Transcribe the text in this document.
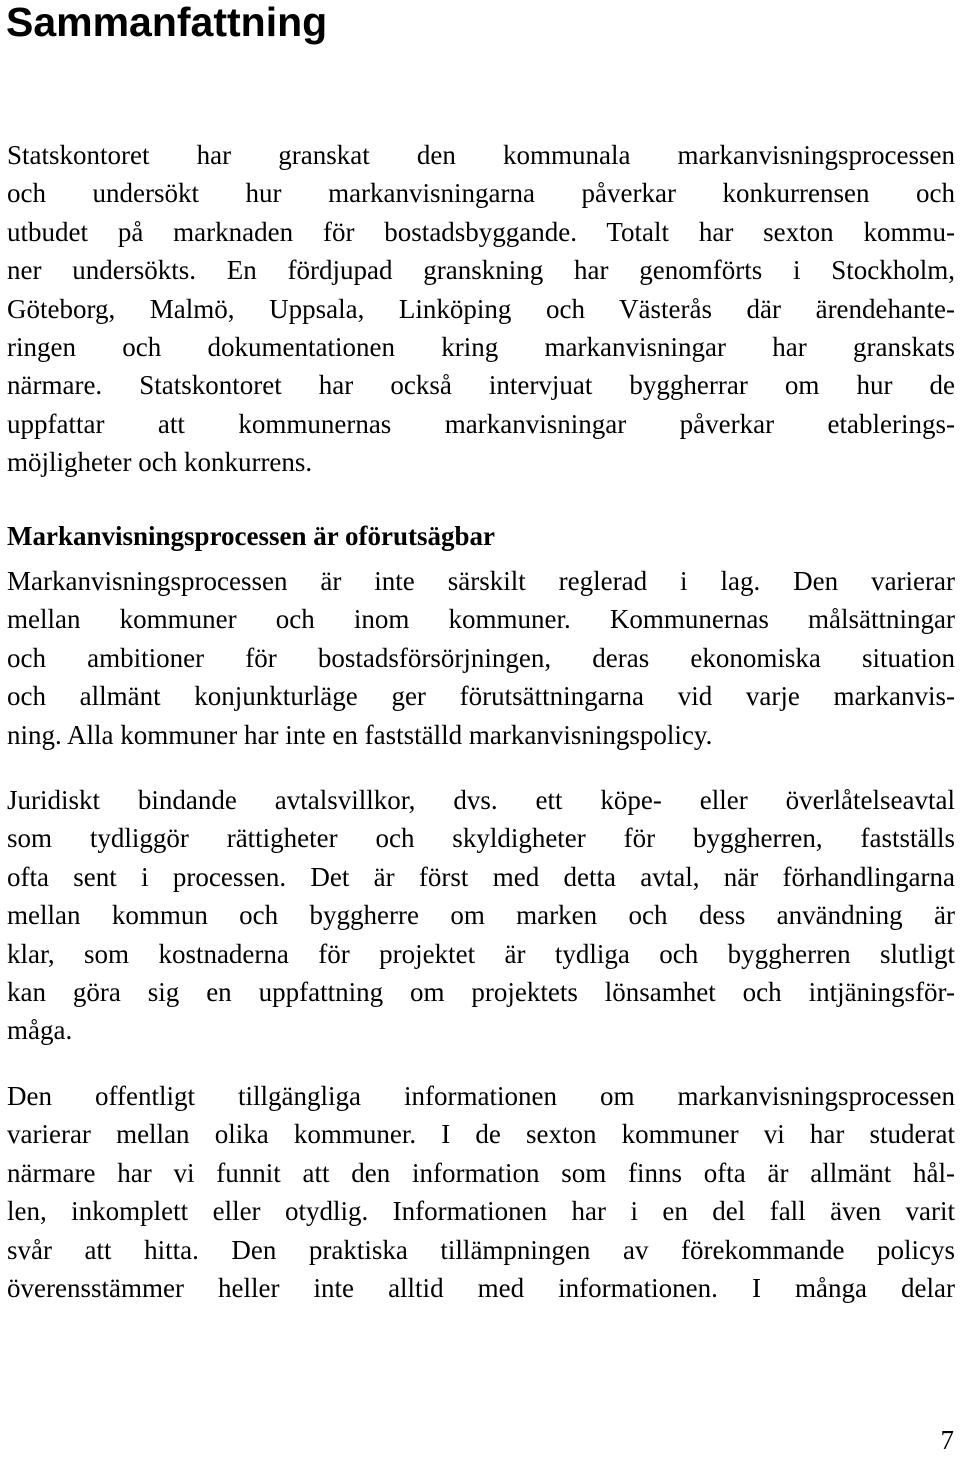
Sammanfattning
Statskontoret har granskat den kommunala markanvisningsprocessen
och undersökt hur markanvisningarna påverkar konkurrensen och
utbudet på marknaden för bostadsbyggande. Totalt har sexton kommu-
ner undersökts. En fördjupad granskning har genomförts i Stockholm,
Göteborg, Malmö, Uppsala, Linköping och Västerås där ärendehante-
ringen och dokumentationen kring markanvisningar har granskats
närmare. Statskontoret har också intervjuat byggherrar om hur de
uppfattar att kommunernas markanvisningar påverkar etablerings-
möjligheter och konkurrens.
Markanvisningsprocessen är oförutsägbar
Markanvisningsprocessen är inte särskilt reglerad i lag. Den varierar
mellan kommuner och inom kommuner. Kommunernas målsättningar
och ambitioner för bostadsförsörjningen, deras ekonomiska situation
och allmänt konjunkturläge ger förutsättningarna vid varje markanvis-
ning. Alla kommuner har inte en fastställd markanvisningspolicy.
Juridiskt bindande avtalsvillkor, dvs. ett köpe- eller överlåtelseavtal
som tydliggör rättigheter och skyldigheter för byggherren, fastställs
ofta sent i processen. Det är först med detta avtal, när förhandlingarna
mellan kommun och byggherre om marken och dess användning är
klar, som kostnaderna för projektet är tydliga och byggherren slutligt
kan göra sig en uppfattning om projektets lönsamhet och intjäningsför-
måga.
Den offentligt tillgängliga informationen om markanvisningsprocessen
varierar mellan olika kommuner. I de sexton kommuner vi har studerat
närmare har vi funnit att den information som finns ofta är allmänt hål-
len, inkomplett eller otydlig. Informationen har i en del fall även varit
svår att hitta. Den praktiska tillämpningen av förekommande policys
överensstämmer heller inte alltid med informationen. I många delar
7
